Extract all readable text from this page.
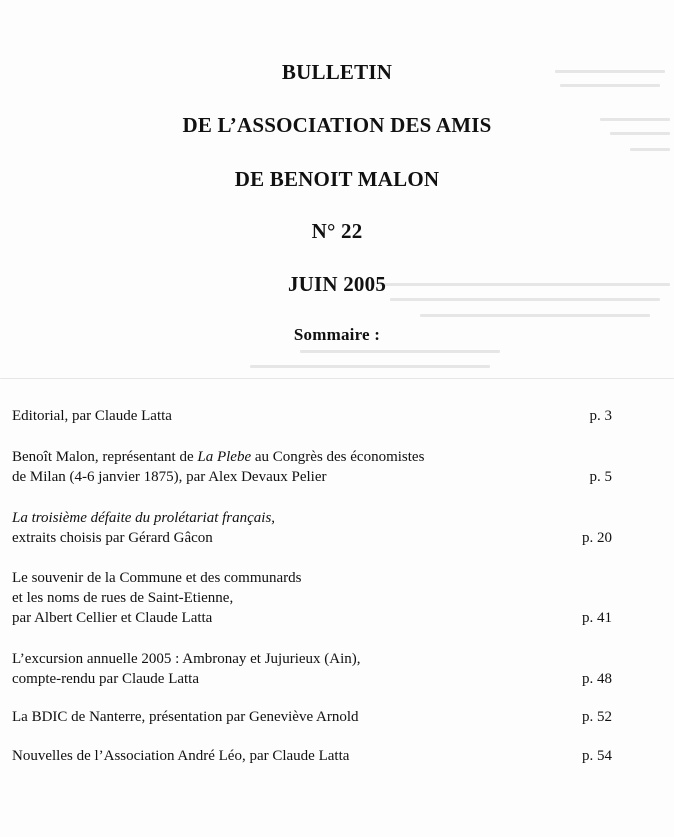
BULLETIN
DE L’ASSOCIATION DES AMIS
DE BENOIT MALON
N° 22
JUIN 2005
Sommaire :
Editorial, par Claude Latta	p. 3
Benoît Malon, représentant de La Plebe au Congrès des économistes
de Milan (4-6 janvier 1875), par Alex Devaux Pelier	p. 5
La troisième défaite du prolétariat français,
extraits choisis par Gérard Gâcon	p. 20
Le souvenir de la Commune et des communards
et les noms de rues de Saint-Etienne,
par Albert Cellier et Claude Latta	p. 41
L’excursion annuelle 2005 : Ambronay et Jujurieux (Ain),
compte-rendu par Claude Latta	p. 48
La BDIC de Nanterre, présentation par Geneviève Arnold	p. 52
Nouvelles de l’Association André Léo, par Claude Latta	p. 54
